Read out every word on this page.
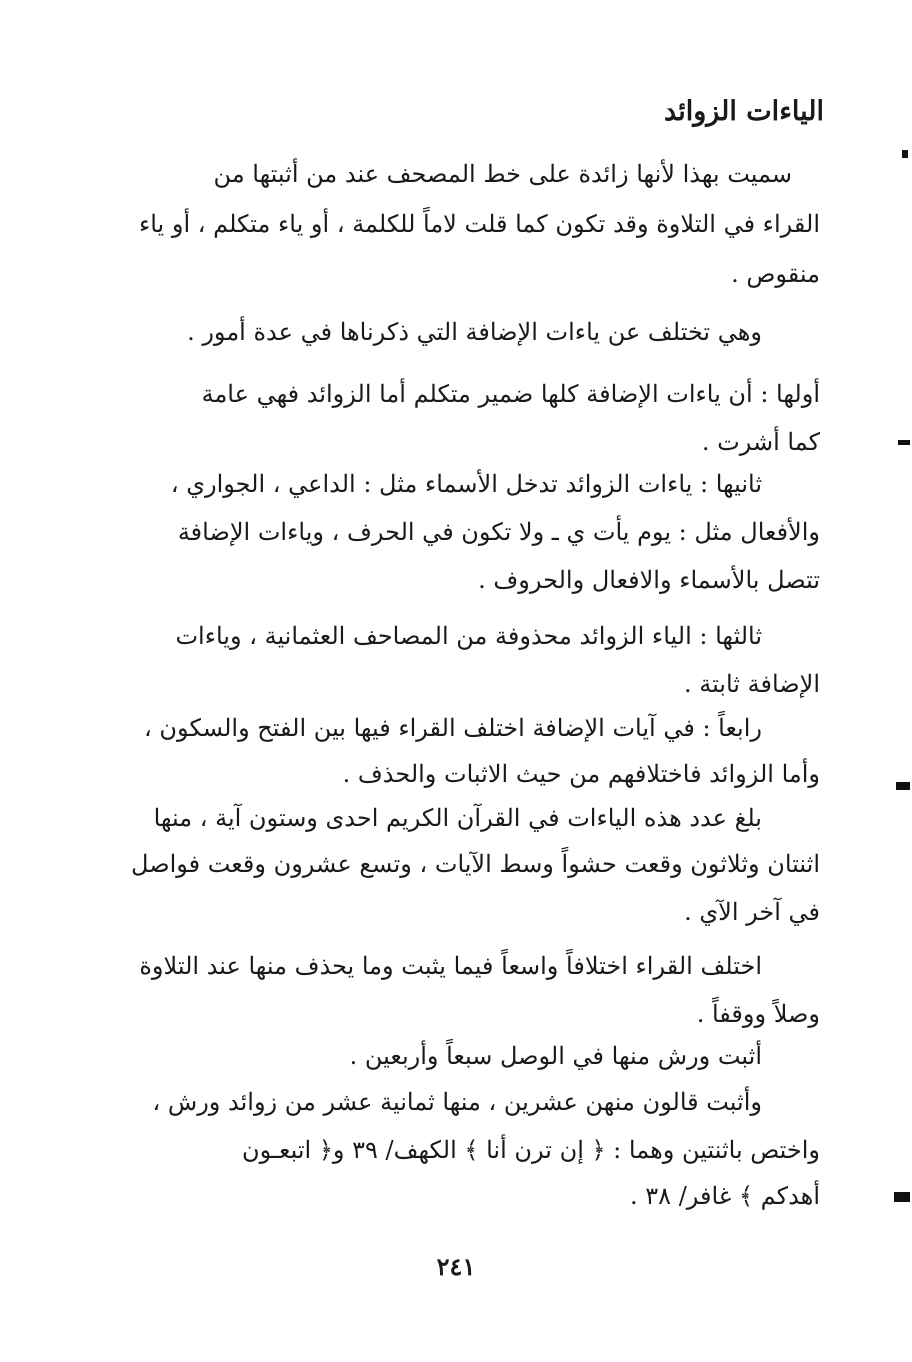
الياءات الزوائد
سميت بهذا لأنها زائدة على خط المصحف عند من أثبتها من
القراء في التلاوة وقد تكون كما قلت لاماً للكلمة ، أو ياء متكلم ، أو ياء
منقوص .
وهي تختلف عن ياءات الإضافة التي ذكرناها في عدة أمور .
أولها : أن ياءات الإضافة كلها ضمير متكلم أما الزوائد فهي عامة
كما أشرت .
ثانيها : ياءات الزوائد تدخل الأسماء مثل : الداعي ، الجواري ،
والأفعال مثل : يوم يأت ي ـ ولا تكون في الحرف ، وياءات الإضافة
تتصل بالأسماء والافعال والحروف .
ثالثها : الياء الزوائد محذوفة من المصاحف العثمانية ، وياءات
الإضافة ثابتة .
رابعاً : في آيات الإضافة اختلف القراء فيها بين الفتح والسكون ،
وأما الزوائد فاختلافهم من حيث الاثبات والحذف .
بلغ عدد هذه الياءات في القرآن الكريم احدى وستون آية ، منها
اثنتان وثلاثون وقعت حشواً وسط الآيات ، وتسع عشرون وقعت فواصل
في آخر الآي .
اختلف القراء اختلافاً واسعاً فيما يثبت وما يحذف منها عند التلاوة
وصلاً ووقفاً .
أثبت ورش منها في الوصل سبعاً وأربعين .
وأثبت قالون منهن عشرين ، منها ثمانية عشر من زوائد ورش ،
واختص باثنتين وهما : ﴿ إن ترن أنا ﴾ الكهف/ ٣٩ و﴿ اتبعـون
أهدكم ﴾ غافر/ ٣٨ .
٢٤١
